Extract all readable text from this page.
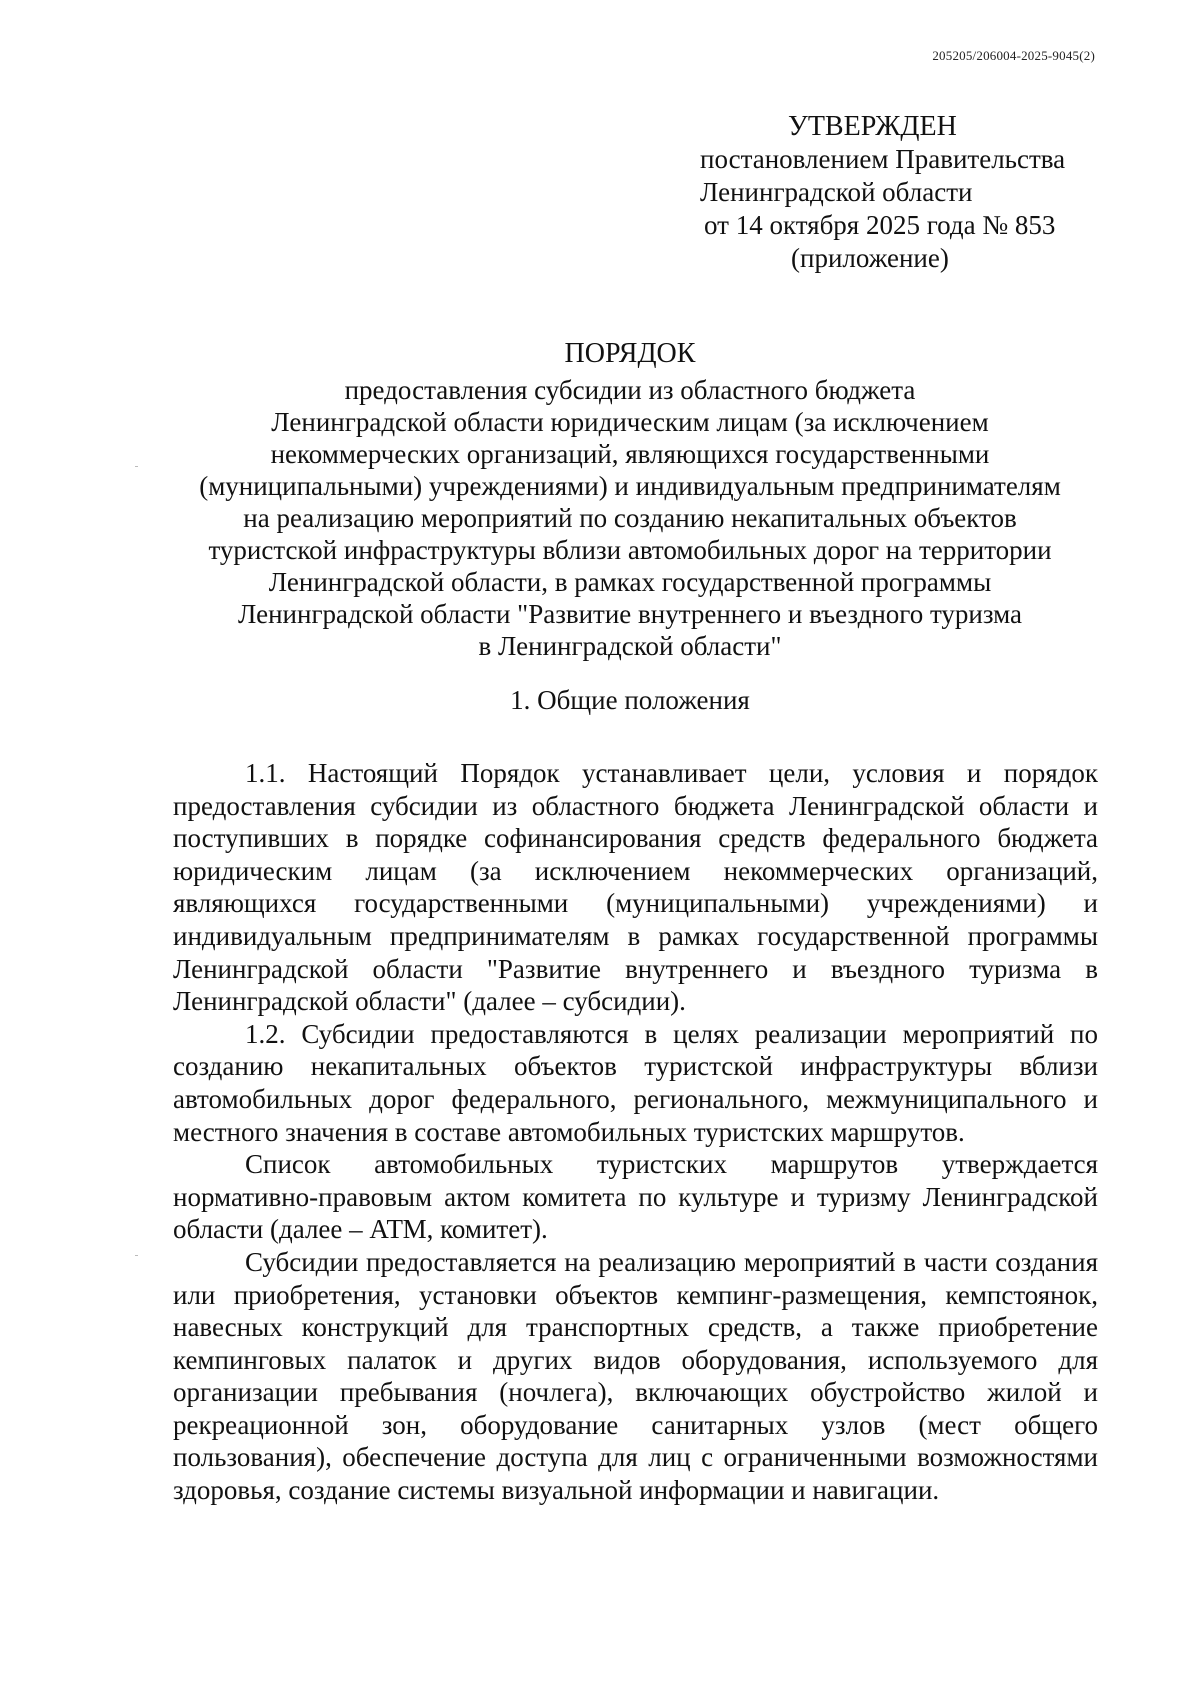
205205/206004-2025-9045(2)
УТВЕРЖДЕН
постановлением Правительства
Ленинградской области
от 14 октября 2025 года № 853
(приложение)
ПОРЯДОК
предоставления субсидии из областного бюджета
Ленинградской области юридическим лицам (за исключением
некоммерческих организаций, являющихся государственными
(муниципальными) учреждениями) и индивидуальным предпринимателям
на реализацию мероприятий по созданию некапитальных объектов
туристской инфраструктуры вблизи автомобильных дорог на территории
Ленинградской области, в рамках государственной программы
Ленинградской области "Развитие внутреннего и въездного туризма
в Ленинградской области"
1. Общие положения

1.1. Настоящий Порядок устанавливает цели, условия и порядок предоставления субсидии из областного бюджета Ленинградской области и поступивших в порядке софинансирования средств федерального бюджета юридическим лицам (за исключением некоммерческих организаций, являющихся государственными (муниципальными) учреждениями) и индивидуальным предпринимателям в рамках государственной программы Ленинградской области "Развитие внутреннего и въездного туризма в Ленинградской области" (далее – субсидии).

1.2. Субсидии предоставляются в целях реализации мероприятий по созданию некапитальных объектов туристской инфраструктуры вблизи автомобильных дорог федерального, регионального, межмуниципального и местного значения в составе автомобильных туристских маршрутов.

Список автомобильных туристских маршрутов утверждается нормативно-правовым актом комитета по культуре и туризму Ленинградской области (далее – АТМ, комитет).

Субсидии предоставляется на реализацию мероприятий в части создания или приобретения, установки объектов кемпинг-размещения, кемпстоянок, навесных конструкций для транспортных средств, а также приобретение кемпинговых палаток и других видов оборудования, используемого для организации пребывания (ночлега), включающих обустройство жилой и рекреационной зон, оборудование санитарных узлов (мест общего пользования), обеспечение доступа для лиц с ограниченными возможностями здоровья, создание системы визуальной информации и навигации.
